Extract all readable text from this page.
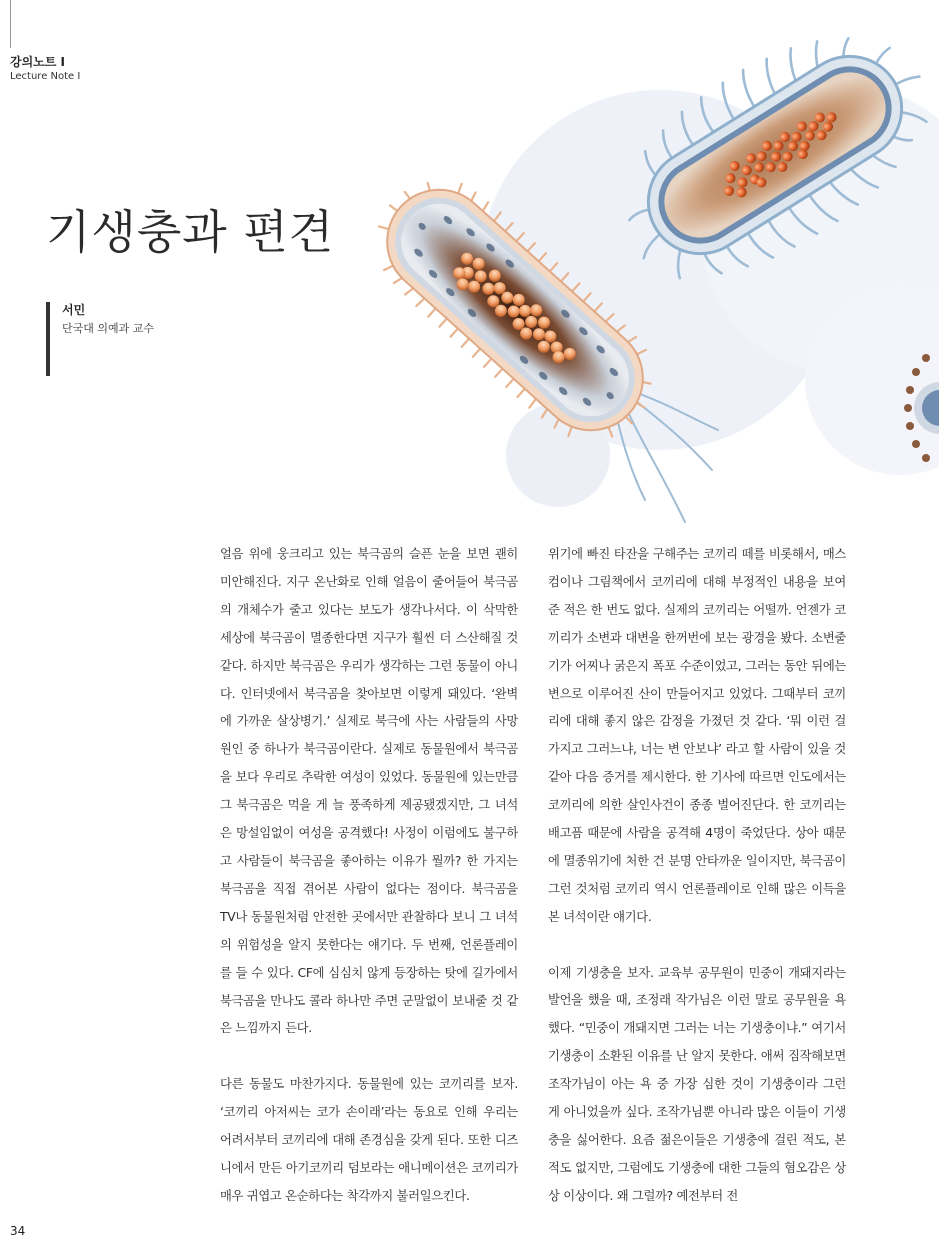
강의노트 I
Lecture Note I
기생충과 편견
서민
단국대 의예과 교수

얼음 위에 웅크리고 있는 북극곰의 슬픈 눈을 보면 괜히 미안해진다. 지구 온난화로 인해 얼음이 줄어들어 북극곰의 개체수가 줄고 있다는 보도가 생각나서다. 이 삭막한 세상에 북극곰이 멸종한다면 지구가 훨씬 더 스산해질 것 같다. 하지만 북극곰은 우리가 생각하는 그런 동물이 아니다. 인터넷에서 북극곰을 찾아보면 이렇게 돼있다. ‘완벽에 가까운 살상병기.’ 실제로 북극에 사는 사람들의 사망원인 중 하나가 북극곰이란다. 실제로 동물원에서 북극곰을 보다 우리로 추락한 여성이 있었다. 동물원에 있는만큼 그 북극곰은 먹을 게 늘 풍족하게 제공됐겠지만, 그 녀석은 망설임없이 여성을 공격했다! 사정이 이럼에도 불구하고 사람들이 북극곰을 좋아하는 이유가 뭘까? 한 가지는 북극곰을 직접 겪어본 사람이 없다는 점이다. 북극곰을 TV나 동물원처럼 안전한 곳에서만 관찰하다 보니 그 녀석의 위험성을 알지 못한다는 얘기다. 두 번째, 언론플레이를 들 수 있다. CF에 심심치 않게 등장하는 탓에 길가에서 북극곰을 만나도 콜라 하나만 주면 군말없이 보내줄 것 같은 느낌까지 든다.

다른 동물도 마찬가지다. 동물원에 있는 코끼리를 보자. ‘코끼리 아저씨는 코가 손이래’라는 동요로 인해 우리는 어려서부터 코끼리에 대해 존경심을 갖게 된다. 또한 디즈니에서 만든 아기코끼리 덤보라는 애니메이션은 코끼리가 매우 귀엽고 온순하다는 착각까지 불러일으킨다.

위기에 빠진 타잔을 구해주는 코끼리 떼를 비롯해서, 매스컴이나 그림책에서 코끼리에 대해 부정적인 내용을 보여준 적은 한 번도 없다. 실제의 코끼리는 어떨까. 언젠가 코끼리가 소변과 대변을 한꺼번에 보는 광경을 봤다. 소변줄기가 어찌나 굵은지 폭포 수준이었고, 그러는 동안 뒤에는 변으로 이루어진 산이 만들어지고 있었다. 그때부터 코끼리에 대해 좋지 않은 감정을 가졌던 것 같다. ‘뭐 이런 걸 가지고 그러느냐, 너는 변 안보냐’ 라고 할 사람이 있을 것 같아 다음 증거를 제시한다. 한 기사에 따르면 인도에서는 코끼리에 의한 살인사건이 종종 벌어진단다. 한 코끼리는 배고픔 때문에 사람을 공격해 4명이 죽었단다. 상아 때문에 멸종위기에 처한 건 분명 안타까운 일이지만, 북극곰이 그런 것처럼 코끼리 역시 언론플레이로 인해 많은 이득을 본 녀석이란 얘기다.

이제 기생충을 보자. 교육부 공무원이 민중이 개돼지라는 발언을 했을 때, 조정래 작가님은 이런 말로 공무원을 욕했다. “민중이 개돼지면 그러는 너는 기생충이냐.” 여기서 기생충이 소환된 이유를 난 알지 못한다. 애써 짐작해보면 조작가님이 아는 욕 중 가장 심한 것이 기생충이라 그런 게 아니었을까 싶다. 조작가님뿐 아니라 많은 이들이 기생충을 싫어한다. 요즘 젊은이들은 기생충에 걸린 적도, 본 적도 없지만, 그럼에도 기생충에 대한 그들의 혐오감은 상상 이상이다. 왜 그럴까? 예전부터 전

34
